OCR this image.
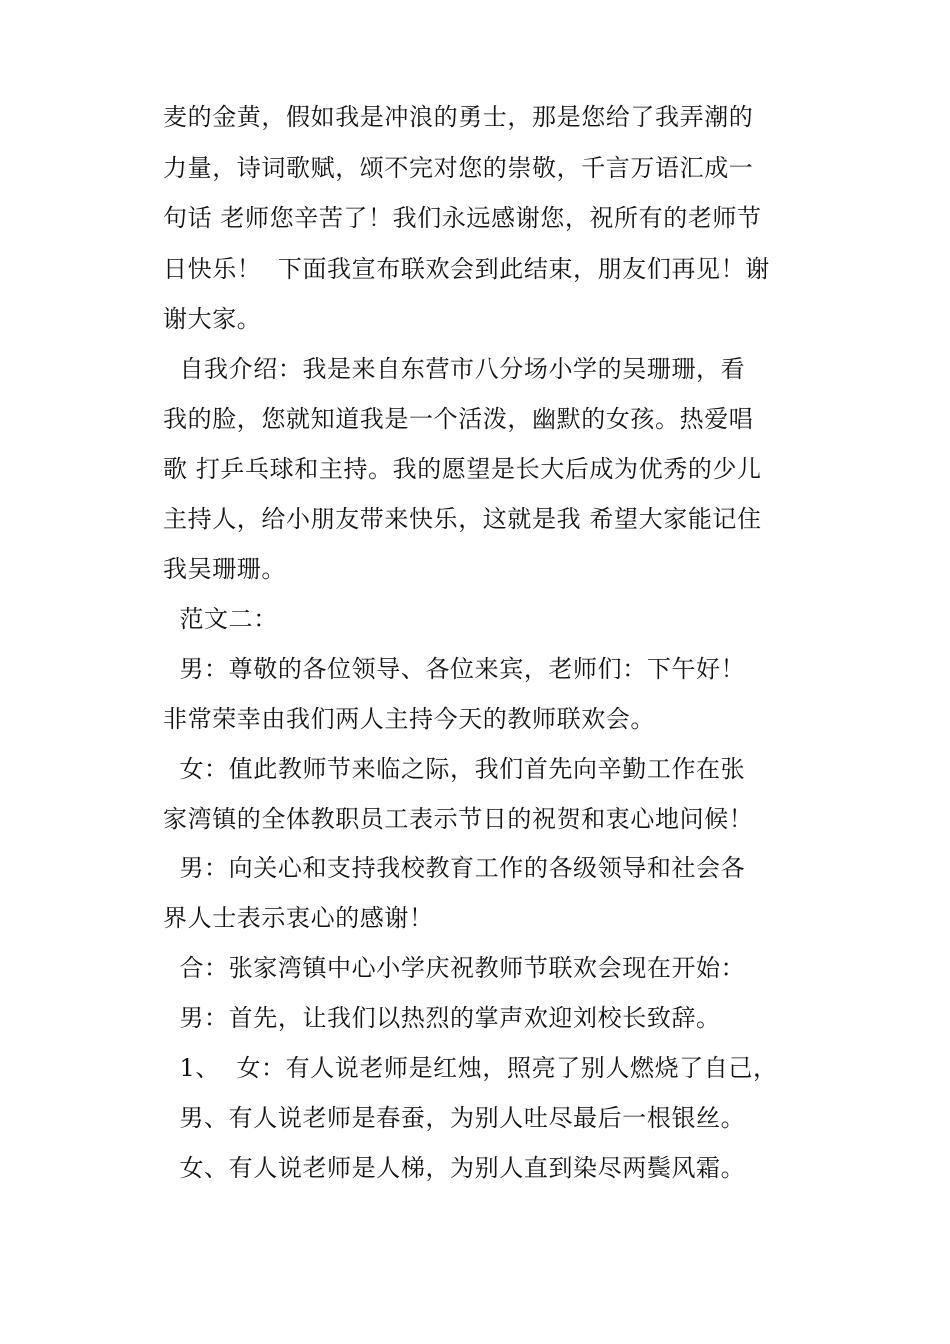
麦的金黄，假如我是冲浪的勇士，那是您给了我弄潮的
力量，诗词歌赋，颂不完对您的崇敬，千言万语汇成一
句话 老师您辛苦了！我们永远感谢您，祝所有的老师节
日快乐！  下面我宣布联欢会到此结束，朋友们再见！谢
谢大家。
自我介绍：我是来自东营市八分场小学的吴珊珊，看
我的脸，您就知道我是一个活泼，幽默的女孩。热爱唱
歌 打乒乓球和主持。我的愿望是长大后成为优秀的少儿
主持人，给小朋友带来快乐，这就是我 希望大家能记住
我吴珊珊。
范文二：
男：尊敬的各位领导、各位来宾，老师们：下午好！
非常荣幸由我们两人主持今天的教师联欢会。
女：值此教师节来临之际，我们首先向辛勤工作在张
家湾镇的全体教职员工表示节日的祝贺和衷心地问候！
男：向关心和支持我校教育工作的各级领导和社会各
界人士表示衷心的感谢！
合：张家湾镇中心小学庆祝教师节联欢会现在开始：
男：首先，让我们以热烈的掌声欢迎刘校长致辞。
1、  女：有人说老师是红烛，照亮了别人燃烧了自己，
男、有人说老师是春蚕，为别人吐尽最后一根银丝。
女、有人说老师是人梯，为别人直到染尽两鬓风霜。
